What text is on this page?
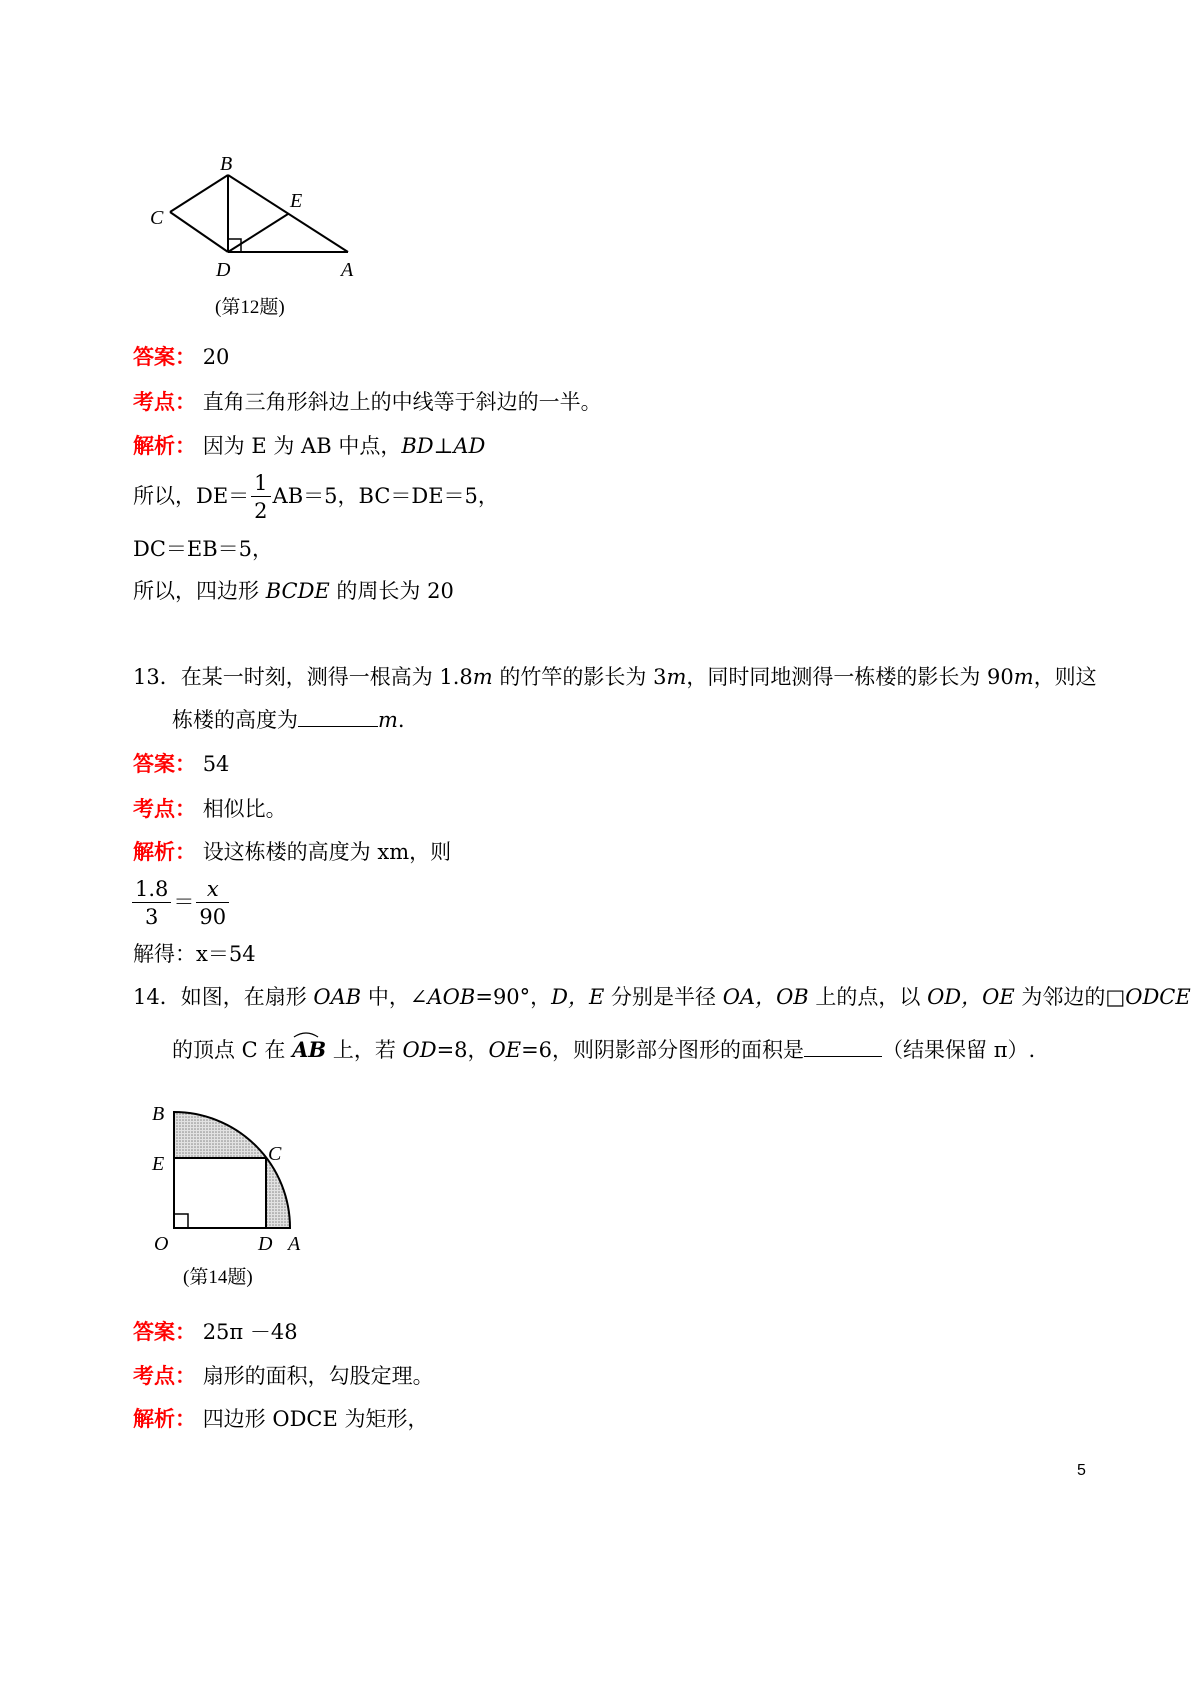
B
C
E
D	A
(第12题)
答案： 20
考点： 直角三角形斜边上的中线等于斜边的一半。
解析： 因为 E 为 AB 中点，BD⊥AD
所以，$DE= \frac{1}{2} AB=5$，BC＝DE＝5，
DC＝EB＝5，
所以，四边形 BCDE 的周长为 20
13．在某一时刻，测得一根高为 1.8m 的竹竿的影长为 3m，同时同地测得一栋楼的影长为 90m，则这
栋楼的高度为	m.
答案： 54
考点： 相似比。
解析： 设这栋楼的高度为 xm，则
$\frac{1.8}{3} = \frac{x}{90}$
解得：x＝54
14．如图，在扇形 OAB 中，∠AOB=90°，D，E 分别是半径 OA，OB 上的点，以 OD，OE 为邻边的□ODCE
的顶点 C 在 AB
上，若 OD=8，OE=6，则阴影部分图形的面积是	（结果保留 π）.
B
E	C
O	D A
(第14题)
答案： 25π －48
考点： 扇形的面积，勾股定理。
解析： 四边形 ODCE 为矩形，
5
